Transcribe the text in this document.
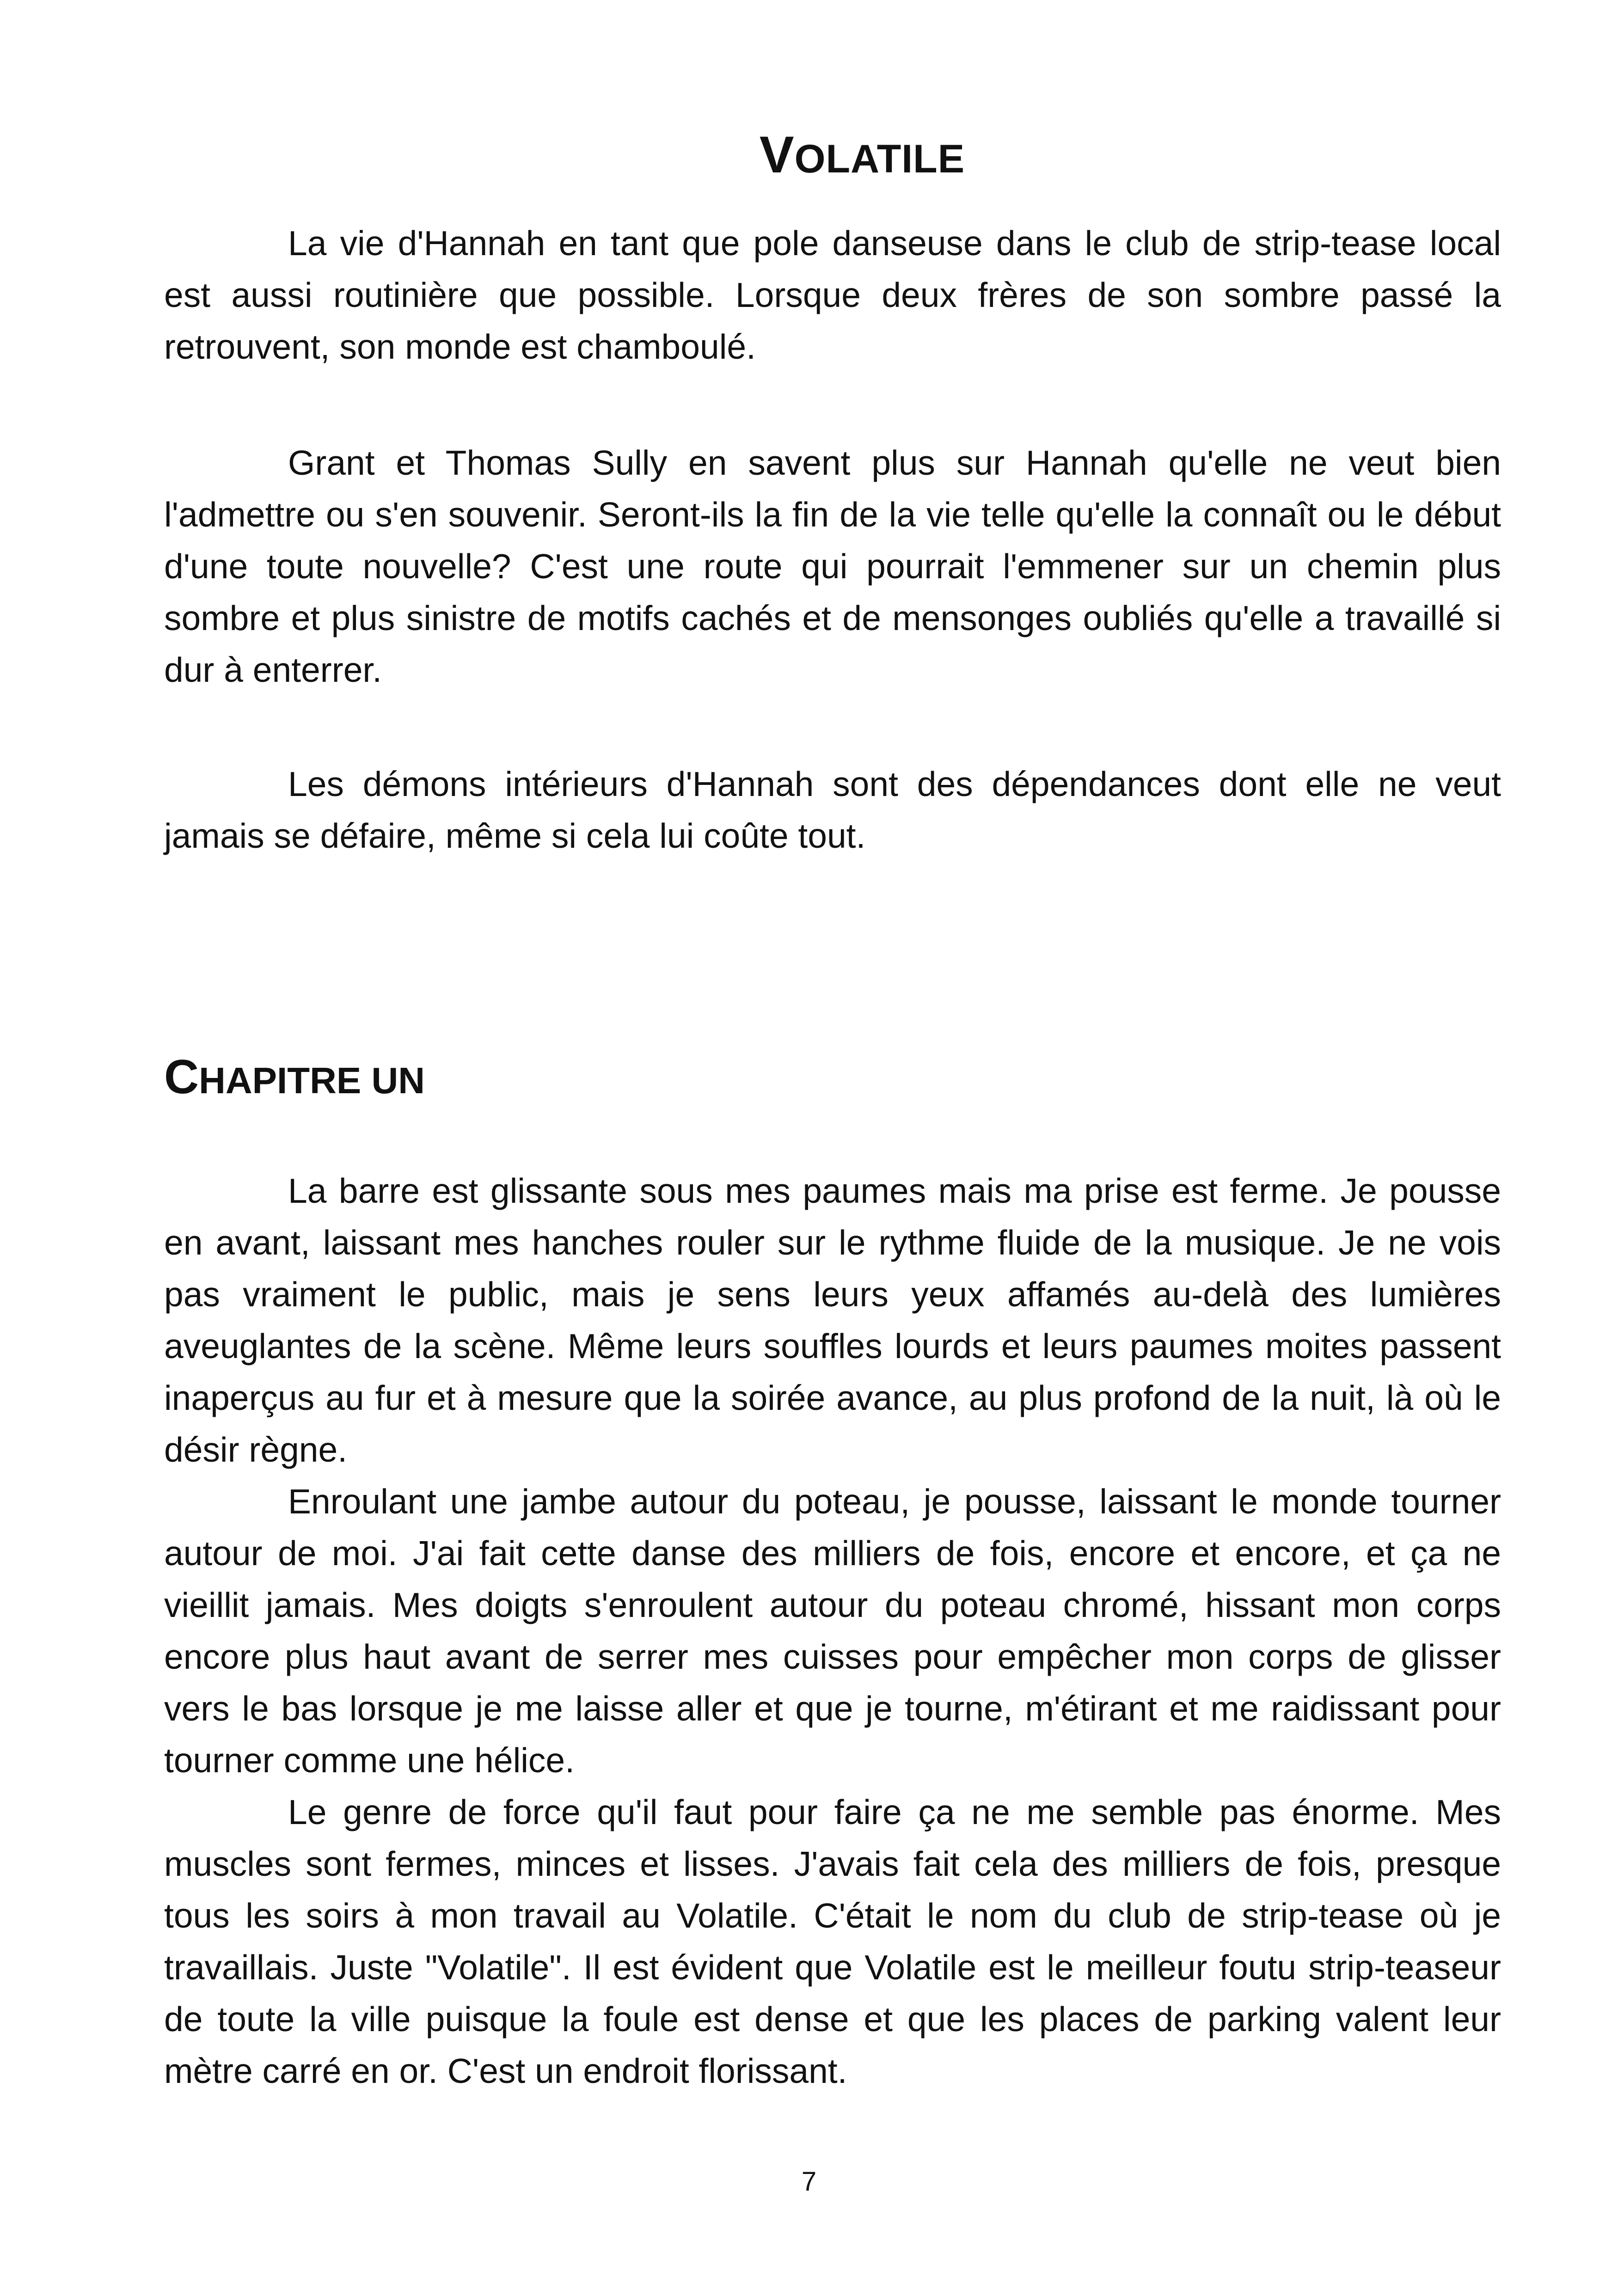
VOLATILE

La vie d'Hannah en tant que pole danseuse dans le club de strip-tease local est aussi routinière que possible. Lorsque deux frères de son sombre passé la retrouvent, son monde est chamboulé.

Grant et Thomas Sully en savent plus sur Hannah qu'elle ne veut bien l'admettre ou s'en souvenir. Seront-ils la fin de la vie telle qu'elle la connaît ou le début d'une toute nouvelle? C'est une route qui pourrait l'emmener sur un chemin plus sombre et plus sinistre de motifs cachés et de mensonges oubliés qu'elle a travaillé si dur à enterrer.

Les démons intérieurs d'Hannah sont des dépendances dont elle ne veut jamais se défaire, même si cela lui coûte tout.

CHAPITRE UN

La barre est glissante sous mes paumes mais ma prise est ferme. Je pousse en avant, laissant mes hanches rouler sur le rythme fluide de la musique. Je ne vois pas vraiment le public, mais je sens leurs yeux affamés au-delà des lumières aveuglantes de la scène. Même leurs souffles lourds et leurs paumes moites passent inaperçus au fur et à mesure que la soirée avance, au plus profond de la nuit, là où le désir règne.

Enroulant une jambe autour du poteau, je pousse, laissant le monde tourner autour de moi. J'ai fait cette danse des milliers de fois, encore et encore, et ça ne vieillit jamais. Mes doigts s'enroulent autour du poteau chromé, hissant mon corps encore plus haut avant de serrer mes cuisses pour empêcher mon corps de glisser vers le bas lorsque je me laisse aller et que je tourne, m'étirant et me raidissant pour tourner comme une hélice.

Le genre de force qu'il faut pour faire ça ne me semble pas énorme. Mes muscles sont fermes, minces et lisses. J'avais fait cela des milliers de fois, presque tous les soirs à mon travail au Volatile. C'était le nom du club de strip-tease où je travaillais. Juste "Volatile". Il est évident que Volatile est le meilleur foutu strip-teaseur de toute la ville puisque la foule est dense et que les places de parking valent leur mètre carré en or. C'est un endroit florissant.

7
